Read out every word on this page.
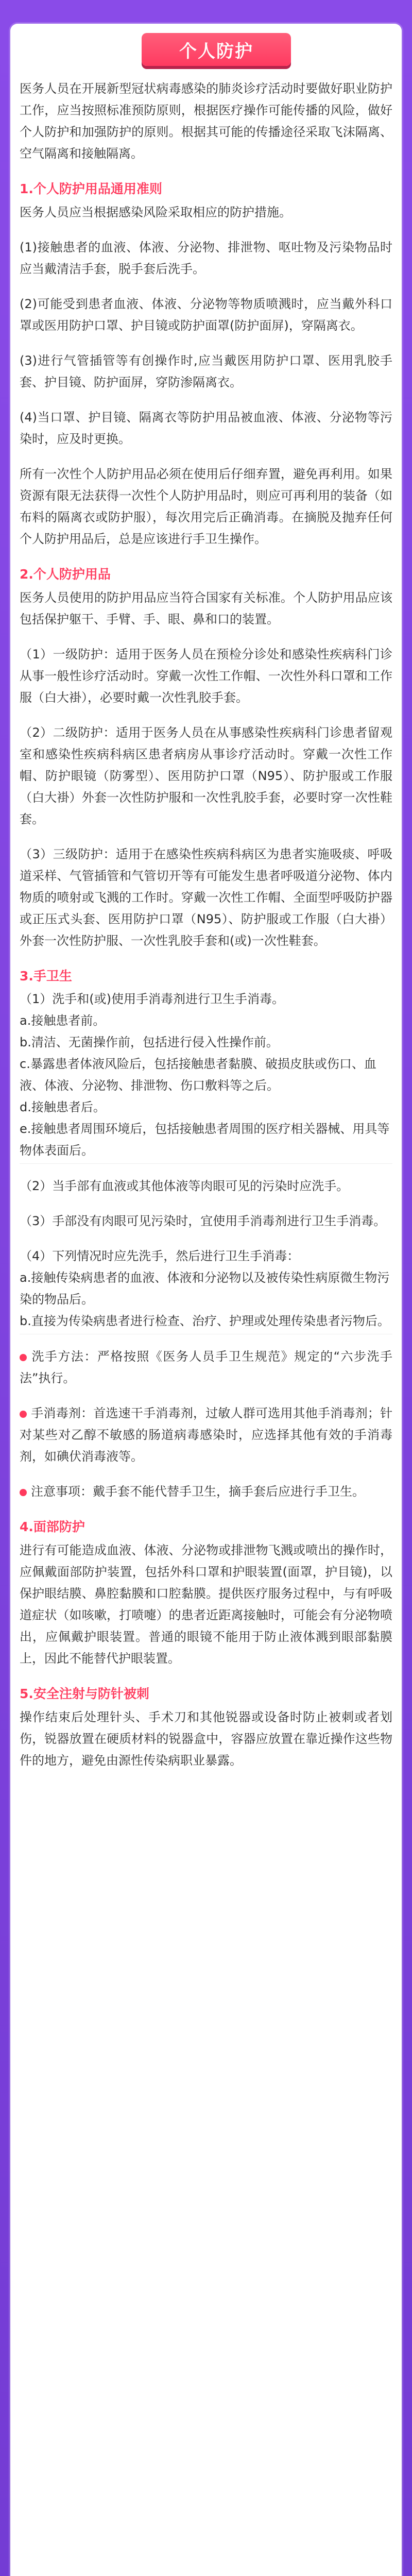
个人防护

医务人员在开展新型冠状病毒感染的肺炎诊疗活动时要做好职业防护工作，应当按照标准预防原则，根据医疗操作可能传播的风险，做好个人防护和加强防护的原则。根据其可能的传播途径采取飞沫隔离、空气隔离和接触隔离。

1.个人防护用品通用准则

医务人员应当根据感染风险采取相应的防护措施。

(1)接触患者的血液、体液、分泌物、排泄物、呕吐物及污染物品时应当戴清洁手套，脱手套后洗手。

(2)可能受到患者血液、体液、分泌物等物质喷溅时，应当戴外科口罩或医用防护口罩、护目镜或防护面罩(防护面屏)，穿隔离衣。

(3)进行气管插管等有创操作时,应当戴医用防护口罩、医用乳胶手套、护目镜、防护面屏，穿防渗隔离衣。

(4)当口罩、护目镜、隔离衣等防护用品被血液、体液、分泌物等污染时，应及时更换。

所有一次性个人防护用品必须在使用后仔细弃置，避免再利用。如果资源有限无法获得一次性个人防护用品时，则应可再利用的装备（如布料的隔离衣或防护服），每次用完后正确消毒。在摘脱及抛弃任何个人防护用品后，总是应该进行手卫生操作。

2.个人防护用品

医务人员使用的防护用品应当符合国家有关标准。个人防护用品应该包括保护躯干、手臂、手、眼、鼻和口的装置。

（1）一级防护：适用于医务人员在预检分诊处和感染性疾病科门诊从事一般性诊疗活动时。穿戴一次性工作帽、一次性外科口罩和工作服（白大褂），必要时戴一次性乳胶手套。

（2）二级防护：适用于医务人员在从事感染性疾病科门诊患者留观室和感染性疾病科病区患者病房从事诊疗活动时。穿戴一次性工作帽、防护眼镜（防雾型）、医用防护口罩（N95）、防护服或工作服（白大褂）外套一次性防护服和一次性乳胶手套，必要时穿一次性鞋套。

（3）三级防护：适用于在感染性疾病科病区为患者实施吸痰、呼吸道采样、气管插管和气管切开等有可能发生患者呼吸道分泌物、体内物质的喷射或飞溅的工作时。穿戴一次性工作帽、全面型呼吸防护器或正压式头套、医用防护口罩（N95）、防护服或工作服（白大褂）外套一次性防护服、一次性乳胶手套和(或)一次性鞋套。

3.手卫生
（1）洗手和(或)使用手消毒剂进行卫生手消毒。
a.接触患者前。
b.清洁、无菌操作前，包括进行侵入性操作前。
c.暴露患者体液风险后，包括接触患者黏膜、破损皮肤或伤口、血液、体液、分泌物、排泄物、伤口敷料等之后。
d.接触患者后。
e.接触患者周围环境后，包括接触患者周围的医疗相关器械、用具等物体表面后。

（2）当手部有血液或其他体液等肉眼可见的污染时应洗手。

（3）手部没有肉眼可见污染时，宜使用手消毒剂进行卫生手消毒。

（4）下列情况时应先洗手，然后进行卫生手消毒：
a.接触传染病患者的血液、体液和分泌物以及被传染性病原微生物污染的物品后。
b.直接为传染病患者进行检查、治疗、护理或处理传染患者污物后。

洗手方法：严格按照《医务人员手卫生规范》规定的“六步洗手法”执行。

手消毒剂：首选速干手消毒剂，过敏人群可选用其他手消毒剂；针对某些对乙醇不敏感的肠道病毒感染时，应选择其他有效的手消毒剂，如碘伏消毒液等。

注意事项：戴手套不能代替手卫生，摘手套后应进行手卫生。

4.面部防护

进行有可能造成血液、体液、分泌物或排泄物飞溅或喷出的操作时，应佩戴面部防护装置，包括外科口罩和护眼装置(面罩，护目镜)，以保护眼结膜、鼻腔黏膜和口腔黏膜。提供医疗服务过程中，与有呼吸道症状（如咳嗽，打喷嚏）的患者近距离接触时，可能会有分泌物喷出，应佩戴护眼装置。普通的眼镜不能用于防止液体溅到眼部黏膜上，因此不能替代护眼装置。

5.安全注射与防针被刺

操作结束后处理针头、手术刀和其他锐器或设备时防止被刺或者划伤，锐器放置在硬质材料的锐器盒中，容器应放置在靠近操作这些物件的地方，避免由源性传染病职业暴露。
